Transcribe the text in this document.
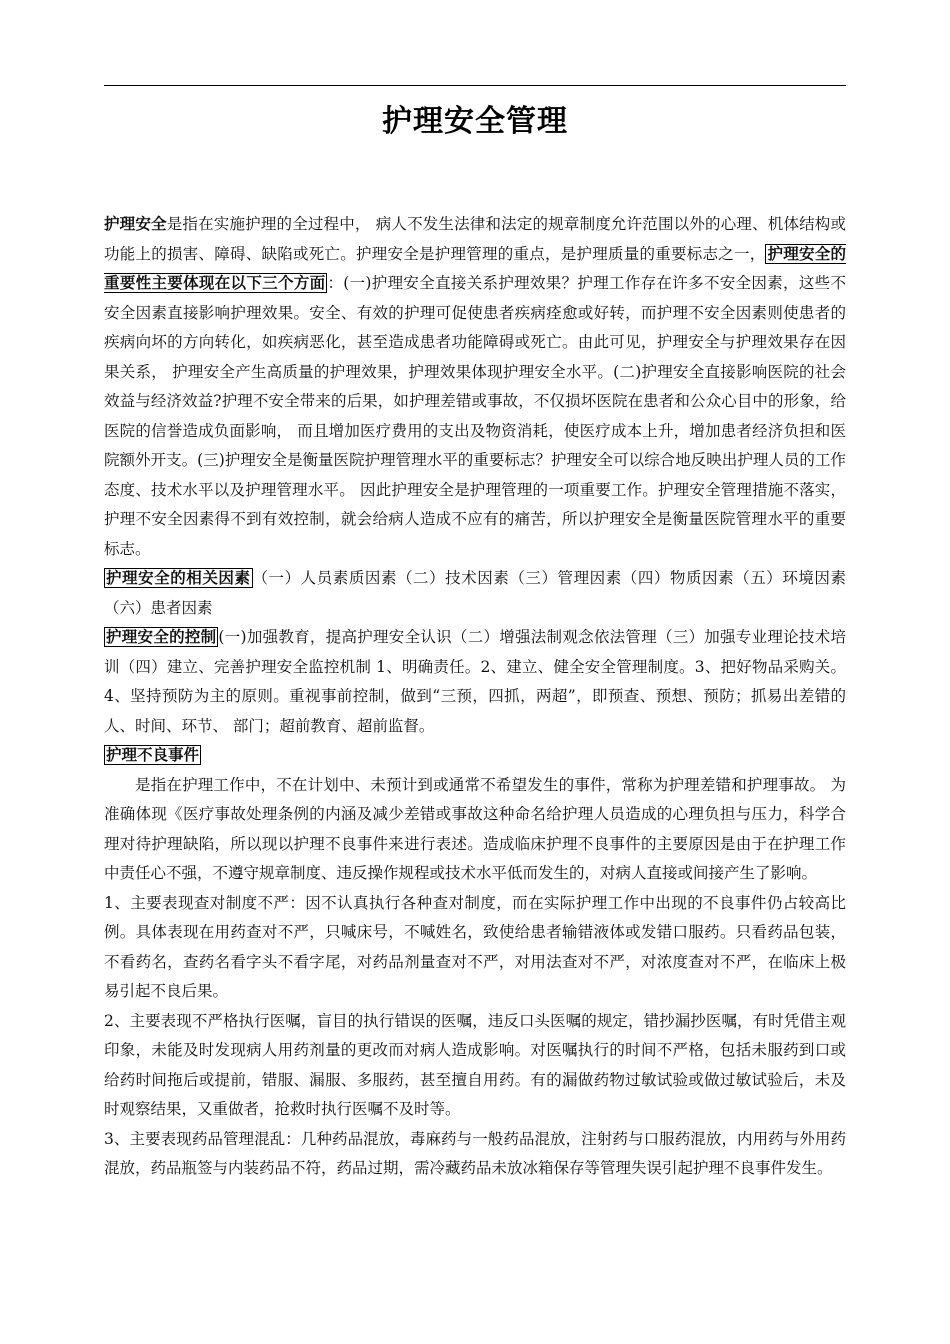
护理安全管理

护理安全是指在实施护理的全过程中， 病人不发生法律和法定的规章制度允许范围以外的心理、机体结构或功能上的损害、障碍、缺陷或死亡。护理安全是护理管理的重点，是护理质量的重要标志之一， 护理安全的重要性主要体现在以下三个方面 ：(一)护理安全直接关系护理效果？护理工作存在许多不安全因素，这些不安全因素直接影响护理效果。安全、有效的护理可促使患者疾病痊愈或好转，而护理不安全因素则使患者的疾病向坏的方向转化，如疾病恶化，甚至造成患者功能障碍或死亡。由此可见，护理安全与护理效果存在因果关系， 护理安全产生高质量的护理效果，护理效果体现护理安全水平。(二)护理安全直接影响医院的社会效益与经济效益?护理不安全带来的后果，如护理差错或事故，不仅损坏医院在患者和公众心目中的形象，给医院的信誉造成负面影响， 而且增加医疗费用的支出及物资消耗，使医疗成本上升，增加患者经济负担和医院额外开支。(三)护理安全是衡量医院护理管理水平的重要标志？护理安全可以综合地反映出护理人员的工作态度、技术水平以及护理管理水平。 因此护理安全是护理管理的一项重要工作。护理安全管理措施不落实，护理不安全因素得不到有效控制，就会给病人造成不应有的痛苦，所以护理安全是衡量医院管理水平的重要标志。

护理安全的相关因素 （一）人员素质因素（二）技术因素（三）管理因素（四）物质因素（五）环境因素（六）患者因素

护理安全的控制 (一)加强教育，提高护理安全认识（二）增强法制观念依法管理（三）加强专业理论技术培训（四）建立、完善护理安全监控机制 1、明确责任。2、建立、健全安全管理制度。3、把好物品采购关。4、坚持预防为主的原则。重视事前控制，做到“三预，四抓，两超”，即预查、预想、预防；抓易出差错的人、时间、环节、 部门；超前教育、超前监督。

护理不良事件

是指在护理工作中，不在计划中、未预计到或通常不希望发生的事件，常称为护理差错和护理事故。 为准确体现《医疗事故处理条例的内涵及减少差错或事故这种命名给护理人员造成的心理负担与压力，科学合理对待护理缺陷，所以现以护理不良事件来进行表述。造成临床护理不良事件的主要原因是由于在护理工作中责任心不强，不遵守规章制度、违反操作规程或技术水平低而发生的，对病人直接或间接产生了影响。

1、主要表现查对制度不严：因不认真执行各种查对制度，而在实际护理工作中出现的不良事件仍占较高比例。具体表现在用药查对不严，只喊床号，不喊姓名，致使给患者输错液体或发错口服药。只看药品包装，不看药名，查药名看字头不看字尾，对药品剂量查对不严，对用法查对不严，对浓度查对不严，在临床上极易引起不良后果。

2、主要表现不严格执行医嘱，盲目的执行错误的医嘱，违反口头医嘱的规定，错抄漏抄医嘱，有时凭借主观印象，未能及时发现病人用药剂量的更改而对病人造成影响。对医嘱执行的时间不严格，包括未服药到口或给药时间拖后或提前，错服、漏服、多服药，甚至擅自用药。有的漏做药物过敏试验或做过敏试验后，未及时观察结果，又重做者，抢救时执行医嘱不及时等。

3、主要表现药品管理混乱：几种药品混放，毒麻药与一般药品混放，注射药与口服药混放，内用药与外用药混放，药品瓶签与内装药品不符，药品过期，需冷藏药品未放冰箱保存等管理失误引起护理不良事件发生。
